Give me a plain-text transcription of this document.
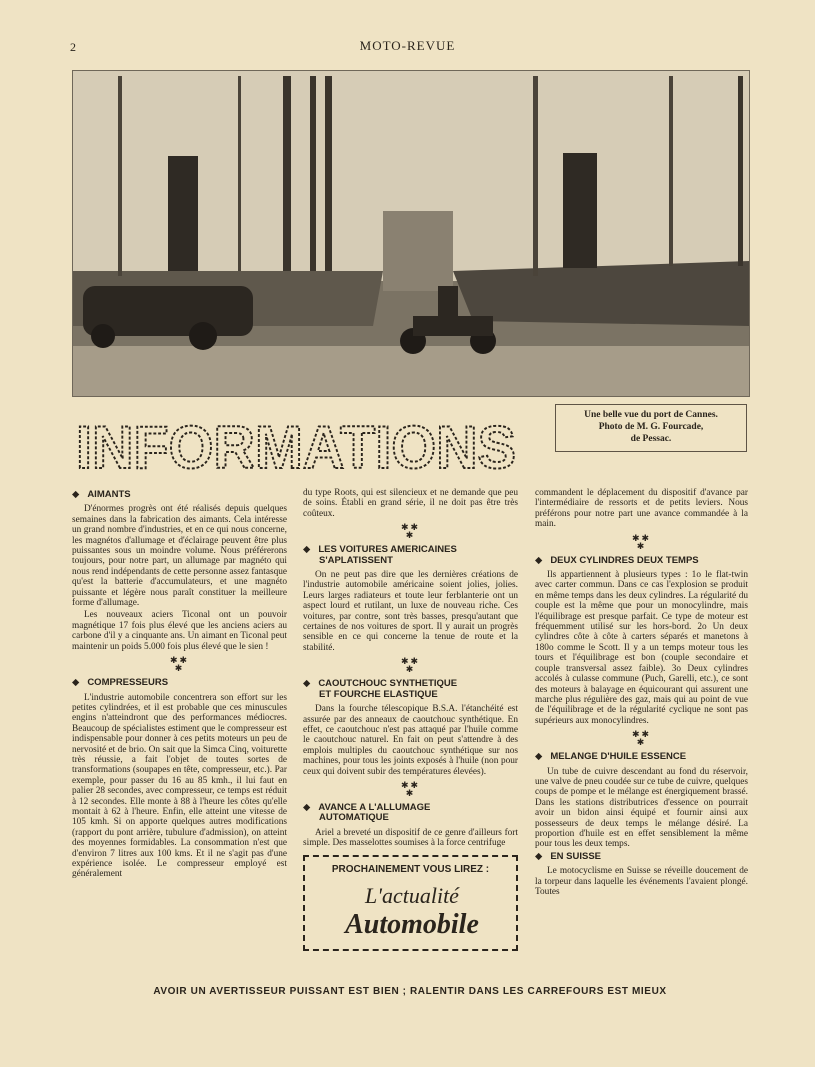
2	MOTO-REVUE
Une belle vue du port de Cannes.
Photo de M. G. Fourcade,
de Pessac.
INFORMATIONS
◆ AIMANTS

D'énormes progrès ont été réalisés depuis quelques semaines dans la fabrication des aimants. Cela intéresse un grand nombre d'industries, et en ce qui nous concerne, les magnétos d'allumage et d'éclairage peuvent être plus puissantes sous un moindre volume. Nous préférerons toujours, pour notre part, un allumage par magnéto qui nous rend indépendants de cette personne assez fantasque qu'est la batterie d'accumulateurs, et une magnéto puissante et légère nous paraît constituer la meilleure forme d'allumage.

Les nouveaux aciers Ticonal ont un pouvoir magnétique 17 fois plus élevé que les anciens aciers au carbone d'il y a cinquante ans. Un aimant en Ticonal peut maintenir un poids 5.000 fois plus élevé que le sien !

✱✱
✱
◆ COMPRESSEURS

L'industrie automobile concentrera son effort sur les petites cylindrées, et il est probable que ces minuscules engins n'atteindront que des performances médiocres. Beaucoup de spécialistes estiment que le compresseur est indispensable pour donner à ces petits moteurs un peu de nervosité et de brio. On sait que la Simca Cinq, voiturette très réussie, a fait l'objet de toutes sortes de transformations (soupapes en tête, compresseur, etc.). Par exemple, pour passer du 16 au 85 kmh., il lui faut en palier 28 secondes, avec compresseur, ce temps est réduit à 12 secondes. Elle monte à 88 à l'heure les côtes qu'elle montait à 62 à l'heure. Enfin, elle atteint une vitesse de 105 kmh. Si on apporte quelques autres modifications (rapport du pont arrière, tubulure d'admission), on atteint des moyennes formidables. La consommation n'est que d'environ 7 litres aux 100 kms. Et il ne s'agit pas d'une expérience isolée. Le compresseur employé est généralement

du type Roots, qui est silencieux et ne demande que peu de soins. Établi en grand série, il ne doit pas être très coûteux.

✱✱
✱
◆ LES VOITURES AMERICAINES
S'APLATISSENT

On ne peut pas dire que les dernières créations de l'industrie automobile américaine soient jolies, jolies. Leurs larges radiateurs et toute leur ferblanterie ont un aspect lourd et rutilant, un luxe de nouveau riche. Ces voitures, par contre, sont très basses, presqu'autant que certaines de nos voitures de sport. Il y aurait un progrès sensible en ce qui concerne la tenue de route et la stabilité.

✱✱
✱
◆ CAOUTCHOUC SYNTHETIQUE
ET FOURCHE ELASTIQUE

Dans la fourche télescopique B.S.A. l'étanchéité est assurée par des anneaux de caoutchouc synthétique. En effet, ce caoutchouc n'est pas attaqué par l'huile comme le caoutchouc naturel. En fait on peut s'attendre à des emplois multiples du caoutchouc synthétique sur nos machines, pour tous les joints exposés à l'huile (non pour ceux qui doivent subir des températures élevées).

✱✱
✱
◆ AVANCE A L'ALLUMAGE
AUTOMATIQUE

Ariel a breveté un dispositif de ce genre d'ailleurs fort simple. Des masselottes soumises à la force centrifuge

PROCHAINEMENT VOUS LIREZ :
L'actualité
Automobile

commandent le déplacement du dispositif d'avance par l'intermédiaire de ressorts et de petits leviers. Nous préférons pour notre part une avance commandée à la main.

✱✱
✱
◆ DEUX CYLINDRES DEUX TEMPS

Ils appartiennent à plusieurs types : 1o le flat-twin avec carter commun. Dans ce cas l'explosion se produit en même temps dans les deux cylindres. La régularité du couple est la même que pour un monocylindre, mais l'équilibrage est presque parfait. Ce type de moteur est fréquemment utilisé sur les hors-bord. 2o Un deux cylindres côte à côte à carters séparés et manetons à 180o comme le Scott. Il y a un temps moteur tous les tours et l'équilibrage est bon (couple secondaire et couple transversal assez faible). 3o Deux cylindres accolés à culasse commune (Puch, Garelli, etc.), ce sont des moteurs à balayage en équicourant qui assurent une marche plus régulière des gaz, mais qui au point de vue de l'équilibrage et de la régularité cyclique ne sont pas supérieurs aux monocylindres.

✱✱
✱
◆ MELANGE D'HUILE ESSENCE

Un tube de cuivre descendant au fond du réservoir, une valve de pneu coudée sur ce tube de cuivre, quelques coups de pompe et le mélange est énergiquement brassé. Dans les stations distributrices d'essence on pourrait avoir un bidon ainsi équipé et fournir ainsi aux possesseurs de deux temps le mélange désiré. La proportion d'huile est en effet sensiblement la même pour tous les deux temps.

◆ EN SUISSE

Le motocyclisme en Suisse se réveille doucement de la torpeur dans laquelle les événements l'avaient plongé. Toutes

AVOIR UN AVERTISSEUR PUISSANT EST BIEN ; RALENTIR DANS LES CARREFOURS EST MIEUX
